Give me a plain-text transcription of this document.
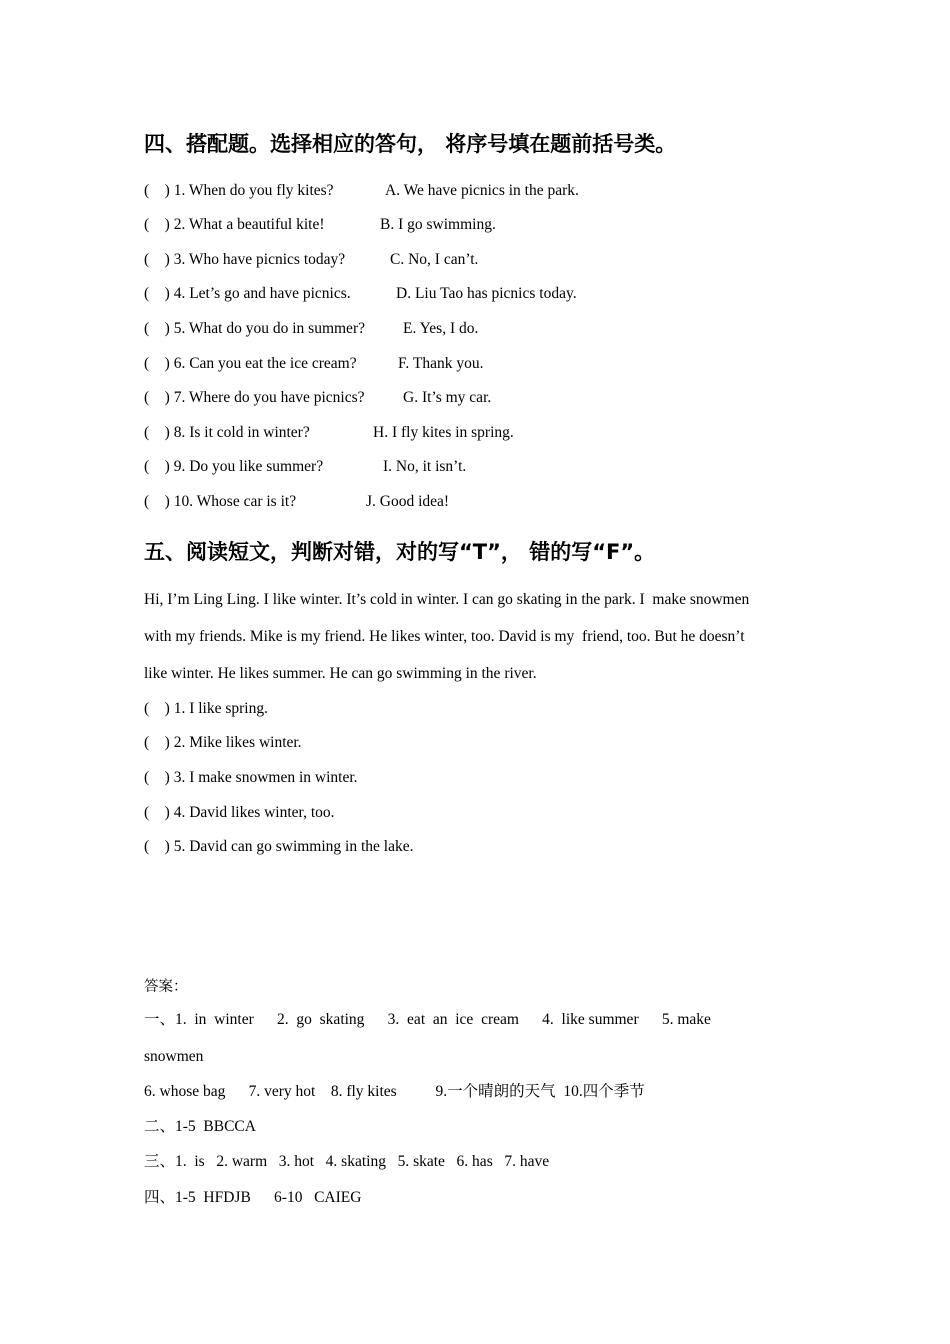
四、搭配题。选择相应的答句， 将序号填在题前括号类。
(    ) 1. When do you fly kites?	A. We have picnics in the park.
(    ) 2. What a beautiful kite!	B. I go swimming.
(    ) 3. Who have picnics today?	C. No, I can’t.
(    ) 4. Let’s go and have picnics.	D. Liu Tao has picnics today.
(    ) 5. What do you do in summer? E. Yes, I do.
(    ) 6. Can you eat the ice cream?	F. Thank you.
(    ) 7. Where do you have picnics? G. It’s my car.
(    ) 8. Is it cold in winter?	H. I fly kites in spring.
(    ) 9. Do you like summer?	I. No, it isn’t.
(    ) 10. Whose car is it?	J. Good idea!
五、阅读短文，判断对错，对的写“T”， 错的写“F”。
Hi, I’m Ling Ling. I like winter. It’s cold in winter. I can go skating in the park. I  make snowmen
with my friends. Mike is my friend. He likes winter, too. David is my  friend, too. But he doesn’t
like winter. He likes summer. He can go swimming in the river.
(    ) 1. I like spring.
(    ) 2. Mike likes winter.
(    ) 3. I make snowmen in winter.
(    ) 4. David likes winter, too.
(    ) 5. David can go swimming in the lake.
答案：
一、1.  in  winter      2.  go  skating      3.  eat  an  ice  cream      4.  like summer      5. make
snowmen
6. whose bag      7. very hot    8. fly kites          9.一个晴朗的天气  10.四个季节
二、1-5  BBCCA
三、1.  is   2. warm   3. hot   4. skating   5. skate   6. has   7. have
四、1-5  HFDJB      6-10   CAIEG
